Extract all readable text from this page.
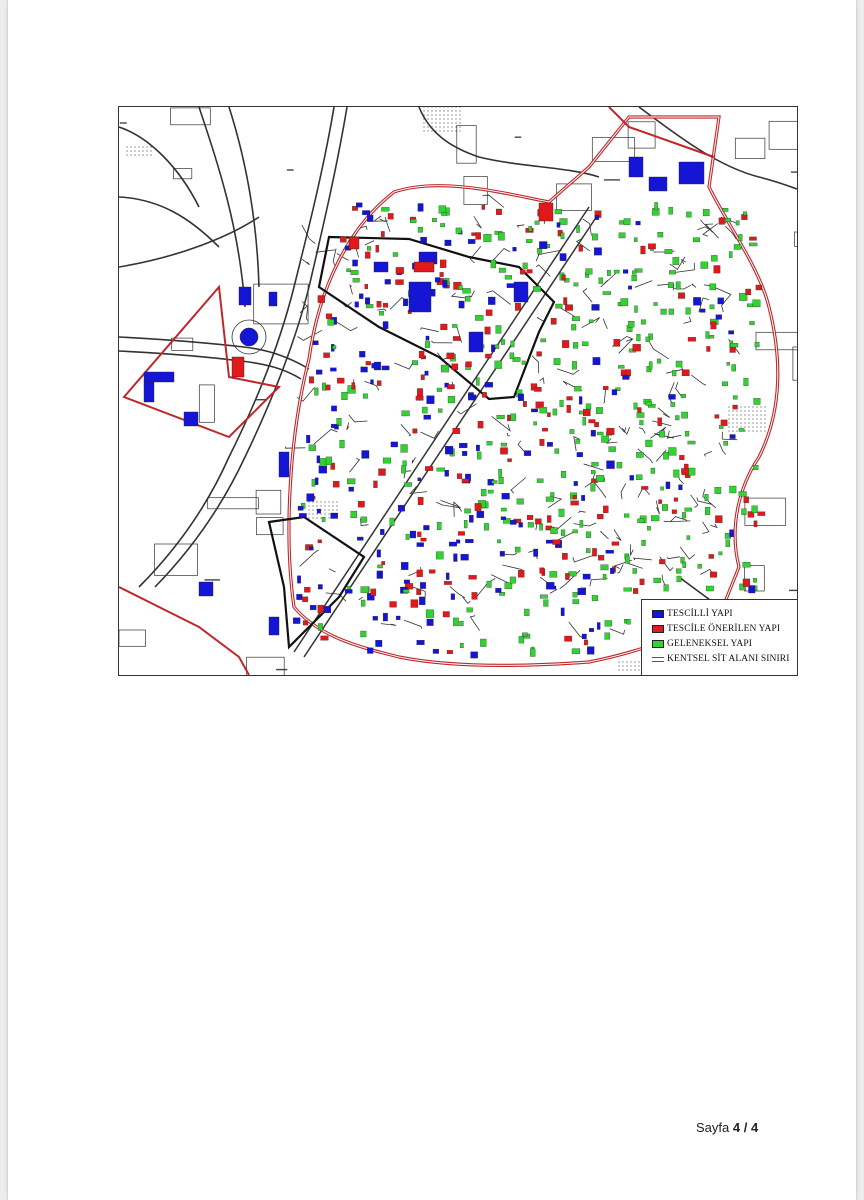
TESCİLLİ YAPI
TESCİLE ÖNERİLEN YAPI
GELENEKSEL YAPI
KENTSEL SİT ALANI SINIRI
Sayfa 4 / 4
